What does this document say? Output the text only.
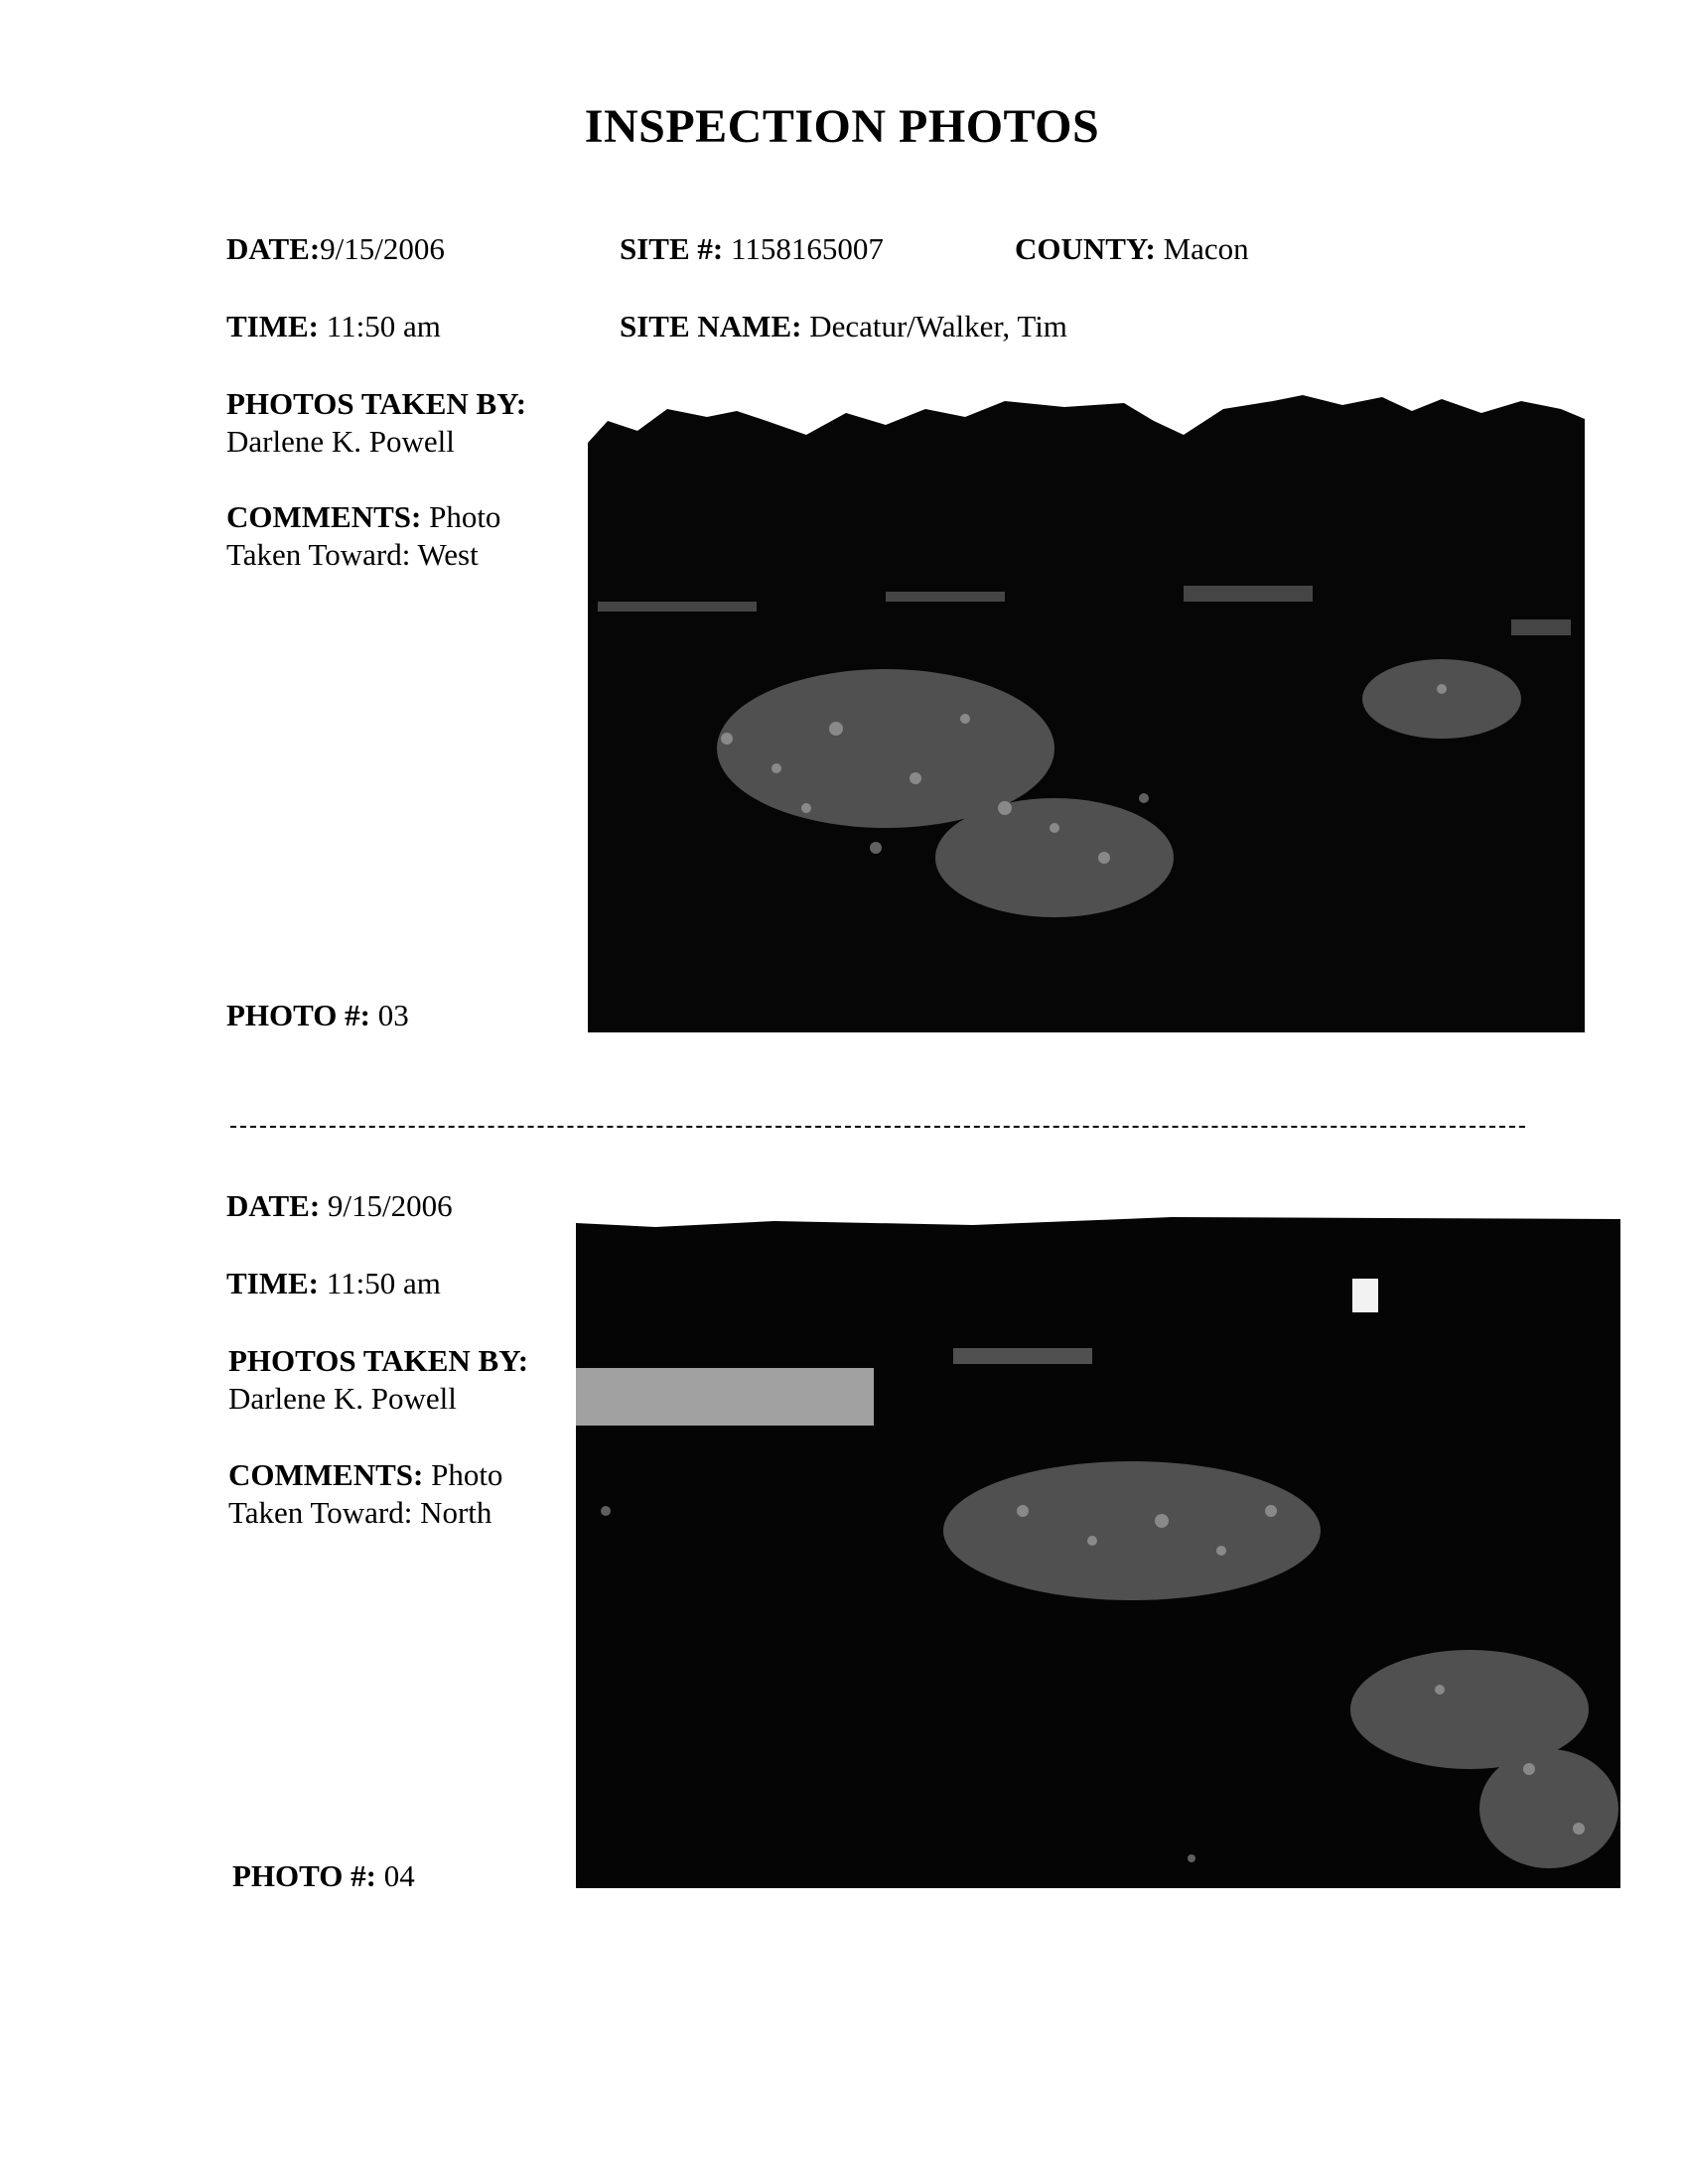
INSPECTION PHOTOS
DATE:9/15/2006	SITE #: 1158165007	COUNTY: Macon
TIME: 11:50 am	SITE NAME: Decatur/Walker, Tim
PHOTOS TAKEN BY:
Darlene K. Powell
COMMENTS: Photo
Taken Toward: West
PHOTO #: 03
DATE: 9/15/2006
TIME: 11:50 am
PHOTOS TAKEN BY:
Darlene K. Powell
COMMENTS: Photo
Taken Toward: North
PHOTO #: 04
